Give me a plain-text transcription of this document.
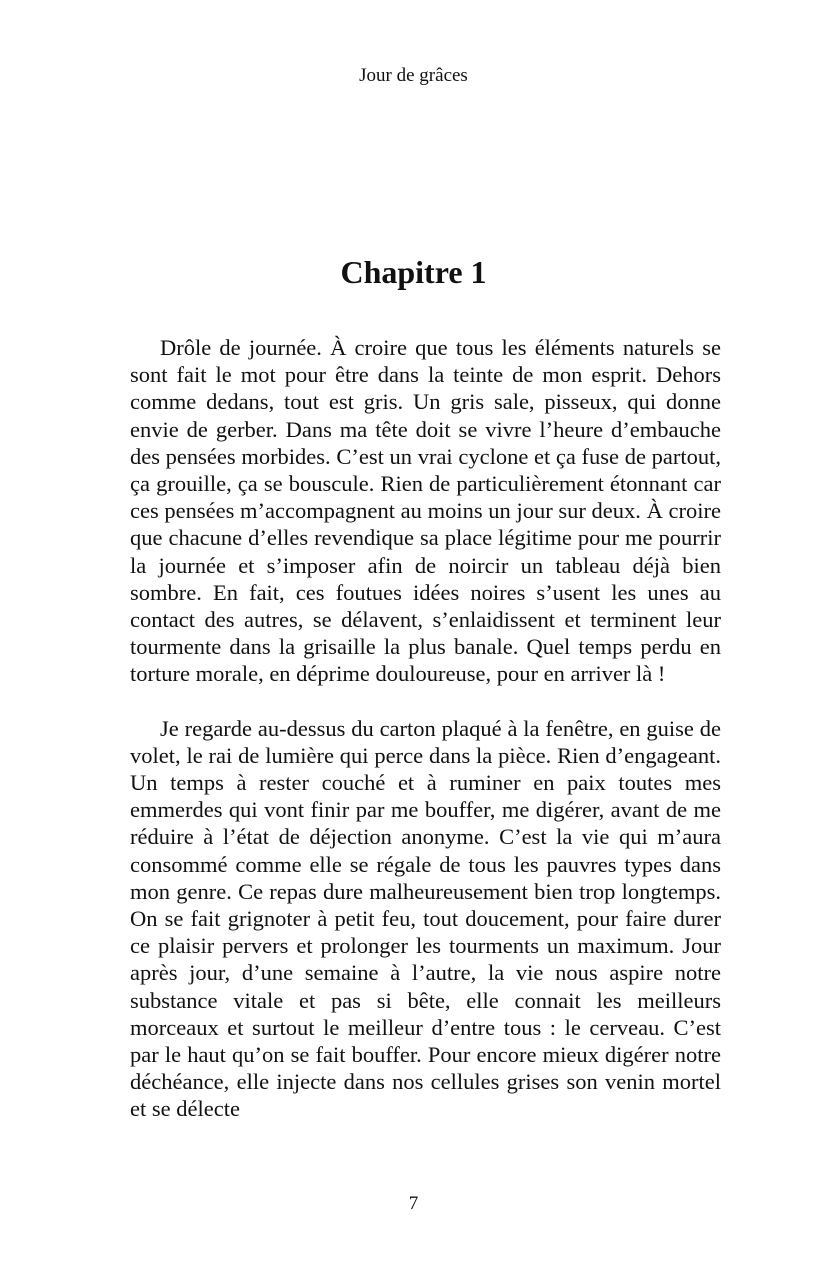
Jour de grâces
Chapitre 1

Drôle de journée. À croire que tous les éléments naturels se sont fait le mot pour être dans la teinte de mon esprit. Dehors comme dedans, tout est gris. Un gris sale, pisseux, qui donne envie de gerber. Dans ma tête doit se vivre l’heure d’embauche des pensées morbides. C’est un vrai cyclone et ça fuse de partout, ça grouille, ça se bouscule. Rien de particulièrement étonnant car ces pensées m’accompagnent au moins un jour sur deux. À croire que chacune d’elles revendique sa place légitime pour me pourrir la journée et s’imposer afin de noircir un tableau déjà bien sombre. En fait, ces foutues idées noires s’usent les unes au contact des autres, se délavent, s’enlaidissent et terminent leur tourmente dans la grisaille la plus banale. Quel temps perdu en torture morale, en déprime douloureuse, pour en arriver là !

Je regarde au-dessus du carton plaqué à la fenêtre, en guise de volet, le rai de lumière qui perce dans la pièce. Rien d’engageant. Un temps à rester couché et à ruminer en paix toutes mes emmerdes qui vont finir par me bouffer, me digérer, avant de me réduire à l’état de déjection anonyme. C’est la vie qui m’aura consommé comme elle se régale de tous les pauvres types dans mon genre. Ce repas dure malheureusement bien trop longtemps. On se fait grignoter à petit feu, tout doucement, pour faire durer ce plaisir pervers et prolonger les tourments un maximum. Jour après jour, d’une semaine à l’autre, la vie nous aspire notre substance vitale et pas si bête, elle connait les meilleurs morceaux et surtout le meilleur d’entre tous : le cerveau. C’est par le haut qu’on se fait bouffer. Pour encore mieux digérer notre déchéance, elle injecte dans nos cellules grises son venin mortel et se délecte

7
